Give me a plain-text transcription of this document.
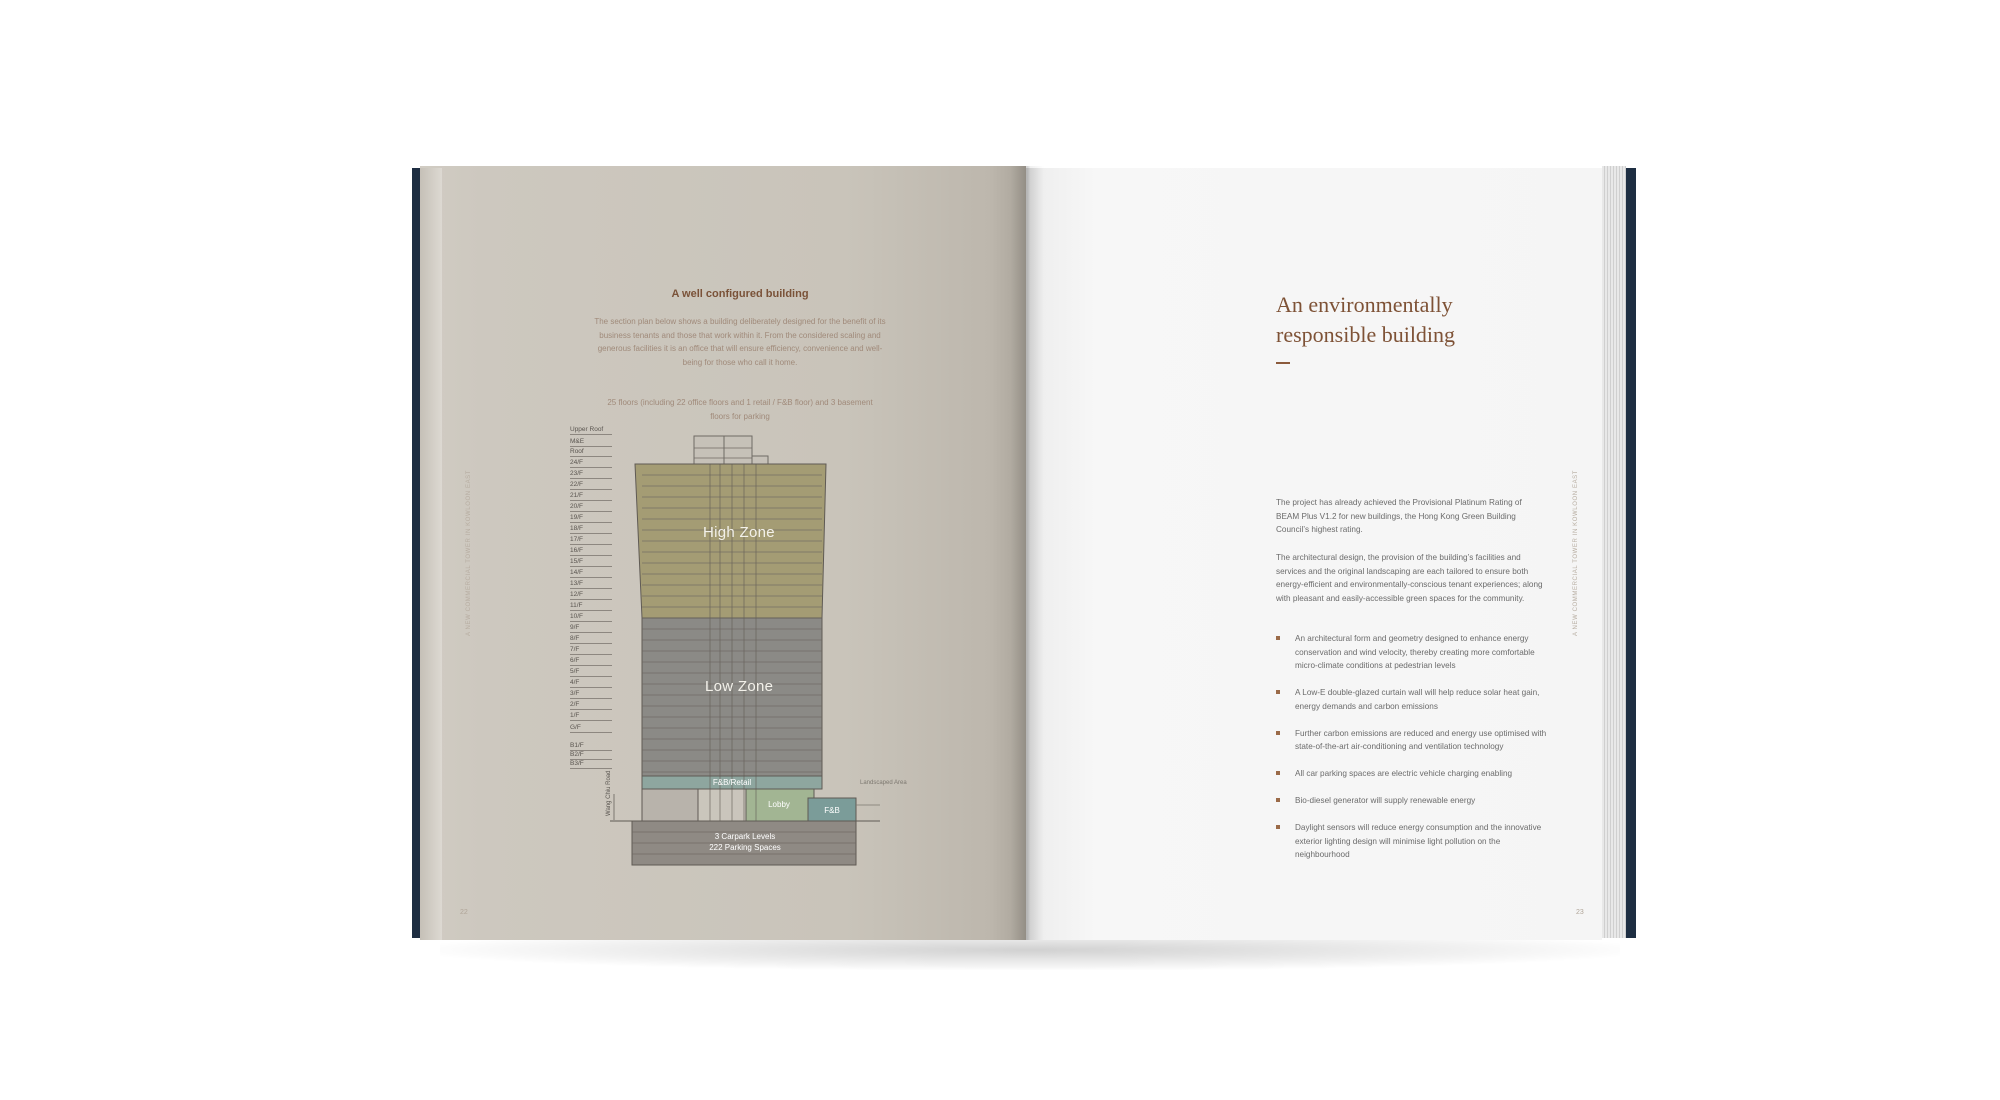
A well configured building
The section plan below shows a building deliberately designed for the benefit of its business tenants and those that work within it. From the considered scaling and generous facilities it is an office that will ensure efficiency, convenience and well-being for those who call it home.
25 floors (including 22 office floors and 1 retail / F&B floor) and 3 basement floors for parking
A NEW COMMERCIAL TOWER IN KOWLOON EAST
22
Upper Roof
M&E
Roof
24/F
23/F
22/F
21/F
20/F
19/F
18/F
17/F
16/F
15/F
14/F
13/F
12/F
11/F
10/F
9/F
8/F
7/F
6/F
5/F
4/F
3/F
2/F
1/F
G/F
B1/F
B2/F
B3/F
High Zone
Low Zone
F&B/Retail
Lobby
F&B
3 Carpark Levels
222 Parking Spaces
Wang Chiu Road	Landscaped Area
An environmentally
responsible building
The project has already achieved the Provisional Platinum Rating of BEAM Plus V1.2 for new buildings, the Hong Kong Green Building Council’s highest rating.
The architectural design, the provision of the building’s facilities and services and the original landscaping are each tailored to ensure both energy-efficient and environmentally-conscious tenant experiences; along with pleasant and easily-accessible green spaces for the community.
An architectural form and geometry designed to enhance energy conservation and wind velocity, thereby creating more comfortable micro-climate conditions at pedestrian levels
A Low-E double-glazed curtain wall will help reduce solar heat gain, energy demands and carbon emissions
Further carbon emissions are reduced and energy use optimised with state-of-the-art air-conditioning and ventilation technology
All car parking spaces are electric vehicle charging enabling
Bio-diesel generator will supply renewable energy
Daylight sensors will reduce energy consumption and the innovative exterior lighting design will minimise light pollution on the neighbourhood
A NEW COMMERCIAL TOWER IN KOWLOON EAST
23
